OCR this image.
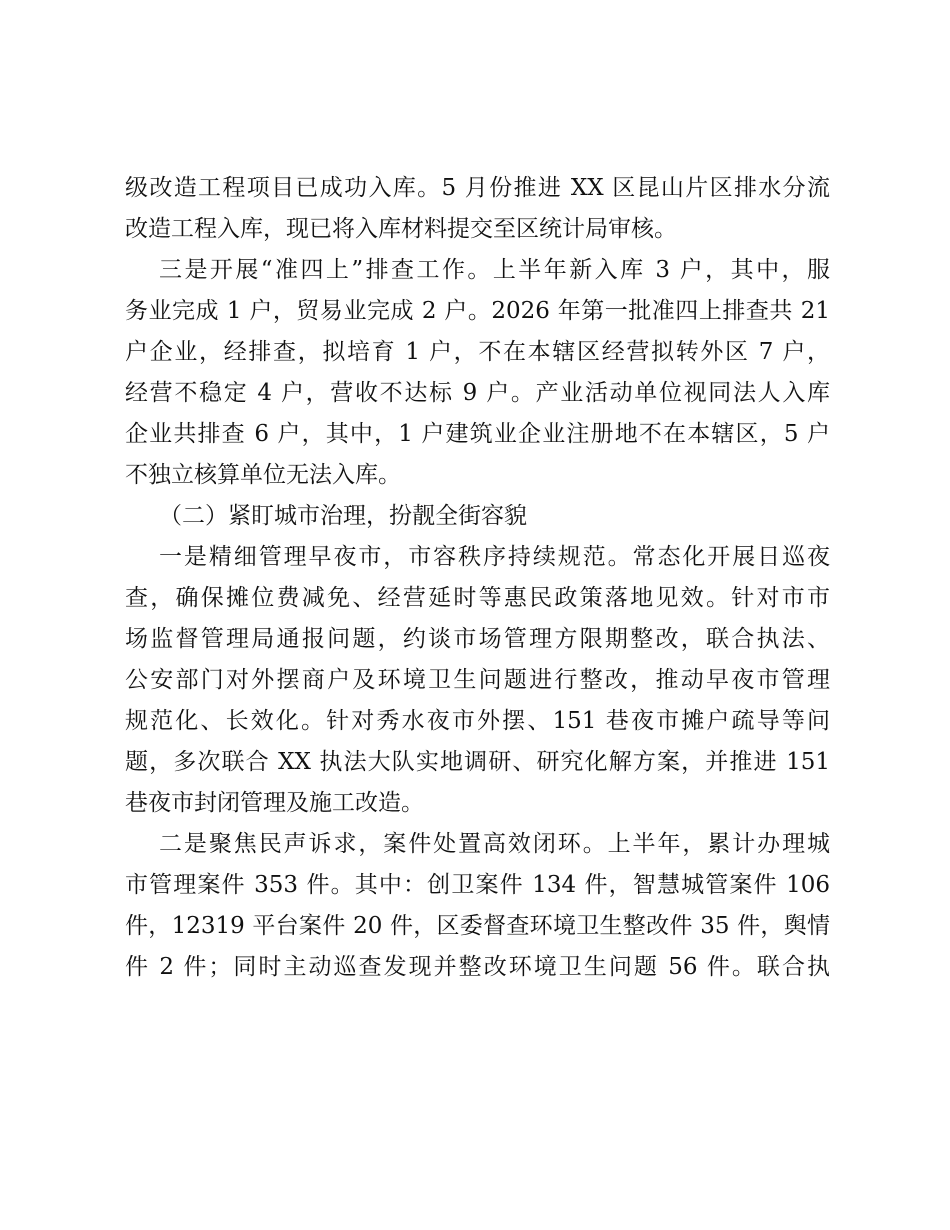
级改造工程项目已成功入库。5 月份推进 XX 区昆山片区排水分流
改造工程入库，现已将入库材料提交至区统计局审核。
三是开展“准四上”排查工作。上半年新入库 3 户，其中，服
务业完成 1 户，贸易业完成 2 户。2026 年第一批准四上排查共 21
户企业，经排查，拟培育 1 户，不在本辖区经营拟转外区 7 户，
经营不稳定 4 户，营收不达标 9 户。产业活动单位视同法人入库
企业共排查 6 户，其中，1 户建筑业企业注册地不在本辖区，5 户
不独立核算单位无法入库。
（二）紧盯城市治理，扮靓全街容貌
一是精细管理早夜市，市容秩序持续规范。常态化开展日巡夜
查，确保摊位费减免、经营延时等惠民政策落地见效。针对市市
场监督管理局通报问题，约谈市场管理方限期整改，联合执法、
公安部门对外摆商户及环境卫生问题进行整改，推动早夜市管理
规范化、长效化。针对秀水夜市外摆、151 巷夜市摊户疏导等问
题，多次联合 XX 执法大队实地调研、研究化解方案，并推进 151
巷夜市封闭管理及施工改造。
二是聚焦民声诉求，案件处置高效闭环。上半年，累计办理城
市管理案件 353 件。其中：创卫案件 134 件，智慧城管案件 106
件，12319 平台案件 20 件，区委督查环境卫生整改件 35 件，舆情
件 2 件；同时主动巡查发现并整改环境卫生问题 56 件。联合执
